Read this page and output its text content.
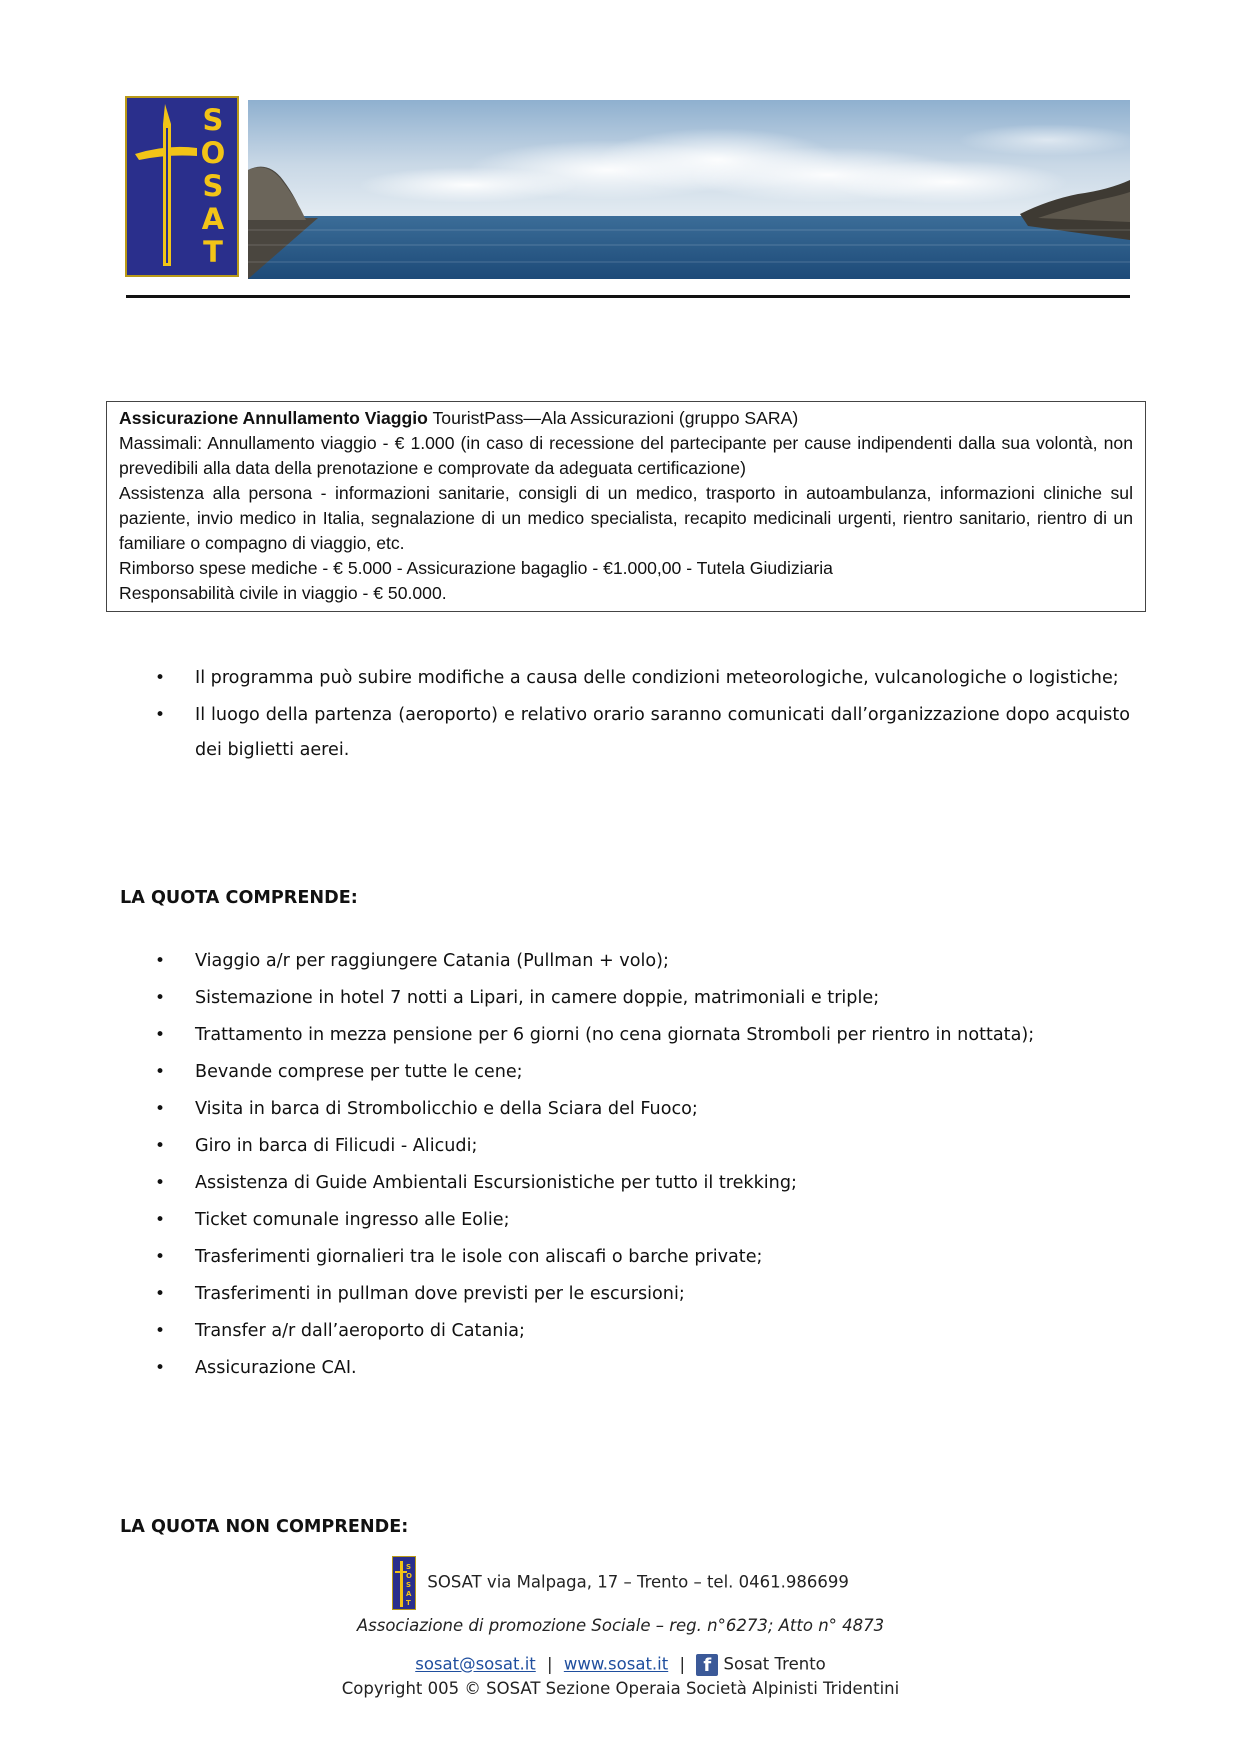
S
O
S
A
T

Assicurazione Annullamento Viaggio TouristPass—Ala Assicurazioni (gruppo SARA)

Massimali: Annullamento viaggio - € 1.000 (in caso di recessione del partecipante per cause indipendenti dalla sua volontà, non prevedibili alla data della prenotazione e comprovate da adeguata certificazione)

Assistenza alla persona - informazioni sanitarie, consigli di un medico, trasporto in autoambulanza, informazioni cliniche sul paziente, invio medico in Italia, segnalazione di un medico specialista, recapito medicinali urgenti, rientro sanitario, rientro di un familiare o compagno di viaggio, etc.

Rimborso spese mediche - € 5.000 - Assicurazione bagaglio - €1.000,00 - Tutela Giudiziaria

Responsabilità civile in viaggio - € 50.000.

• Il programma può subire modifiche a causa delle condizioni meteorologiche, vulcanologiche o logistiche;
• Il luogo della partenza (aeroporto) e relativo orario saranno comunicati dall’organizzazione dopo acquisto dei biglietti aerei.
LA QUOTA COMPRENDE:
• Viaggio a/r per raggiungere Catania (Pullman + volo);
• Sistemazione in hotel 7 notti a Lipari, in camere doppie, matrimoniali e triple;
• Trattamento in mezza pensione per 6 giorni (no cena giornata Stromboli per rientro in nottata);
• Bevande comprese per tutte le cene;
• Visita in barca di Strombolicchio e della Sciara del Fuoco;
• Giro in barca di Filicudi - Alicudi;
• Assistenza di Guide Ambientali Escursionistiche per tutto il trekking;
• Ticket comunale ingresso alle Eolie;
• Trasferimenti giornalieri tra le isole con aliscafi o barche private;
• Trasferimenti in pullman dove previsti per le escursioni;
• Transfer a/r dall’aeroporto di Catania;
• Assicurazione CAI.
LA QUOTA NON COMPRENDE:
S
O
S
A
T
SOSAT via Malpaga, 17 – Trento – tel. 0461.986699
Associazione di promozione Sociale – reg. n°6273; Atto n° 4873
sosat@sosat.it | www.sosat.it | f Sosat Trento
Copyright 005 © SOSAT Sezione Operaia Società Alpinisti Tridentini
